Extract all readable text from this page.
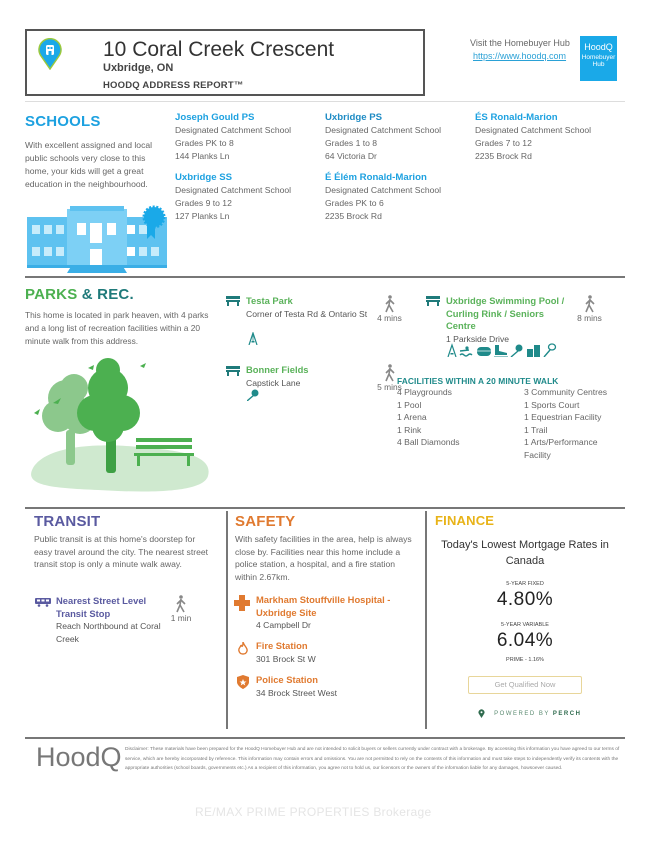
10 Coral Creek Crescent
Uxbridge, ON
HOODQ ADDRESS REPORT™
Visit the Homebuyer Hub
https://www.hoodq.com
HoodQ
Homebuyer
Hub
SCHOOLS
With excellent assigned and local public schools very close to this home, your kids will get a great education in the neighbourhood.
Joseph Gould PS
Designated Catchment School
Grades PK to 8
144 Planks Ln
Uxbridge PS
Designated Catchment School
Grades 1 to 8
64 Victoria Dr
ÉS Ronald-Marion
Designated Catchment School
Grades 7 to 12
2235 Brock Rd
Uxbridge SS
Designated Catchment School
Grades 9 to 12
127 Planks Ln
É Élém Ronald-Marion
Designated Catchment School
Grades PK to 6
2235 Brock Rd
PARKS & REC.
This home is located in park heaven, with 4 parks and a long list of recreation facilities within a 20 minute walk from this address.
Testa Park
Corner of Testa Rd & Ontario St	4 mins
Bonner Fields
Capstick Lane	5 mins
Uxbridge Swimming Pool / Curling Rink / Seniors Centre
1 Parkside Drive
8 mins
FACILITIES WITHIN A 20 MINUTE WALK
4 Playgrounds
1 Pool
1 Arena
1 Rink
4 Ball Diamonds
3 Community Centres
1 Sports Court
1 Equestrian Facility
1 Trail
1 Arts/Performance Facility
TRANSIT
Public transit is at this home's doorstep for easy travel around the city. The nearest street transit stop is only a minute walk away.
Nearest Street Level Transit Stop
Reach Northbound at Coral Creek
1 min
SAFETY
With safety facilities in the area, help is always close by. Facilities near this home include a police station, a hospital, and a fire station within 2.67km.
Markham Stouffville Hospital - Uxbridge Site
4 Campbell Dr
Fire Station
301 Brock St W
Police Station
34 Brock Street West
FINANCE
Today's Lowest Mortgage Rates in Canada
5-YEAR FIXED
4.80%
5-YEAR VARIABLE
6.04%
PRIME - 1.16%
Get Qualified Now
POWERED BY PERCH
HoodQ Disclaimer: These materials have been prepared for the HoodQ Homebuyer Hub and are not intended to solicit buyers or sellers currently under contract with a brokerage. By accessing this information you have agreed to our terms of service, which are hereby incorporated by reference. This information may contain errors and omissions. You are not permitted to rely on the contents of this information and must take steps to independently verify its contents with the appropriate authorities (school boards, governments etc.) As a recipient of this information, you agree not to hold us, our licensors or the owners of the information liable for any damages, howsoever caused.
RE/MAX PRIME PROPERTIES Brokerage
